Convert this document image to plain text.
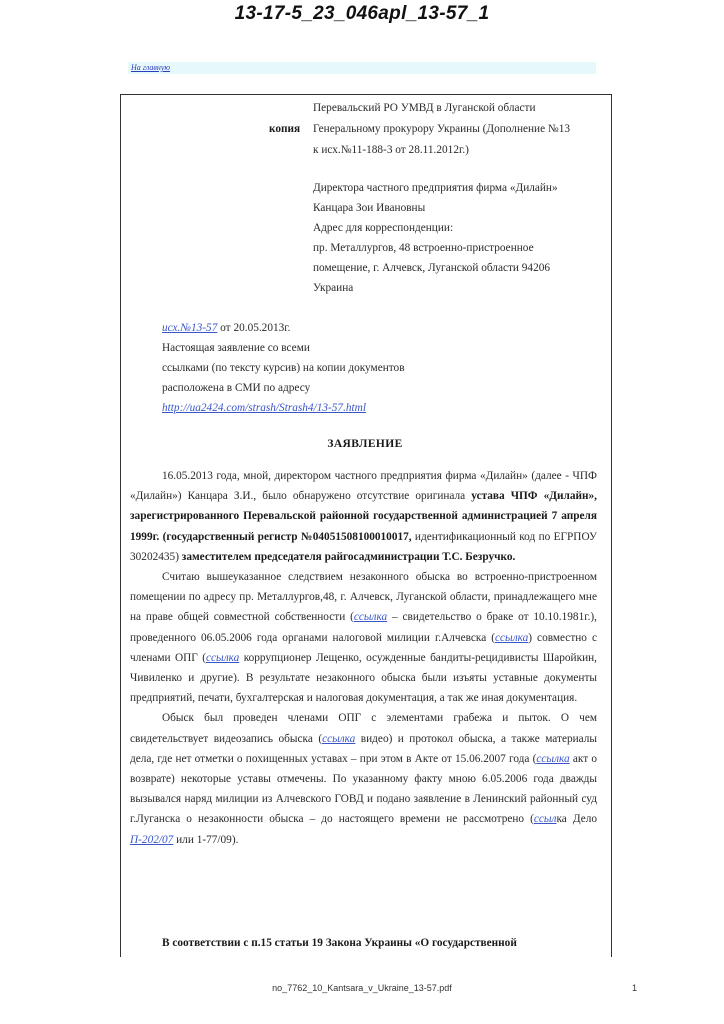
13-17-5_23_046apl_13-57_1
На главную
Перевальский РО УМВД в Луганской области
копия Генеральному прокурору Украины (Дополнение №13
к исх.№11-188-3 от 28.11.2012г.)
Директора частного предприятия фирма «Дилайн»
Канцара Зои Ивановны
Адрес для корреспонденции:
пр. Металлургов, 48 встроенно-пристроенное
помещение, г. Алчевск, Луганской области 94206
Украина
исх.№13-57 от 20.05.2013г.
Настоящая заявление со всеми
ссылками (по тексту курсив) на копии документов
расположена в СМИ по адресу
http://ua2424.com/strash/Strash4/13-57.html
ЗАЯВЛЕНИЕ

16.05.2013 года, мной, директором частного предприятия фирма «Дилайн» (далее - ЧПФ «Дилайн») Канцара З.И., было обнаружено отсутствие оригинала устава ЧПФ «Дилайн», зарегистрированного Перевальской районной государственной администрацией 7 апреля 1999г. (государственный регистр №04051508100010017, идентификационный код по ЕГРПОУ 30202435) заместителем председателя райгосадминистрации Т.С. Безручко.

Считаю вышеуказанное следствием незаконного обыска во встроенно-пристроенном помещении по адресу пр. Металлургов,48, г. Алчевск, Луганской области, принадлежащего мне на праве общей совместной собственности (ссылка – свидетельство о браке от 10.10.1981г.), проведенного 06.05.2006 года органами налоговой милиции г.Алчевска (ссылка) совместно с членами ОПГ (ссылка коррупционер Лещенко, осужденные бандиты-рецидивисты Шаройкин, Чивиленко и другие). В результате незаконного обыска были изъяты уставные документы предприятий, печати, бухгалтерская и налоговая документация, а так же иная документация.

Обыск был проведен членами ОПГ с элементами грабежа и пыток. О чем свидетельствует видеозапись обыска (ссылка видео) и протокол обыска, а также материалы дела, где нет отметки о похищенных уставах – при этом в Акте от 15.06.2007 года (ссылка акт о возврате) некоторые уставы отмечены. По указанному факту мною 6.05.2006 года дважды вызывался наряд милиции из Алчевского ГОВД и подано заявление в Ленинский районный суд г.Луганска о незаконности обыска – до настоящего времени не рассмотрено (ссылка Дело П-202/07 или 1-77/09).

В соответствии с п.15 статьи 19 Закона Украины «О государственной

no_7762_10_Kantsara_v_Ukraine_13-57.pdf	1
